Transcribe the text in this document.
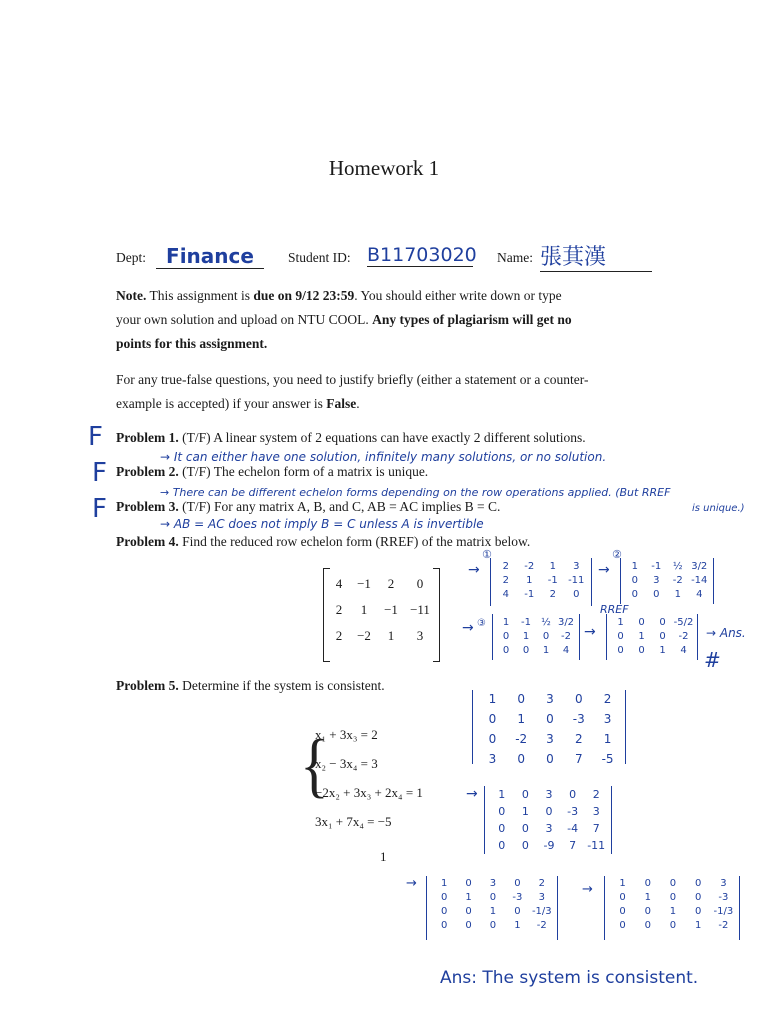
Homework 1
Dept:	Finance	Student ID: B11703020 Name: 張萁漢
Note. This assignment is due on 9/12 23:59. You should either write down or type
your own solution and upload on NTU COOL. Any types of plagiarism will get no
points for this assignment.
For any true-false questions, you need to justify briefly (either a statement or a counter-
example is accepted) if your answer is False.
F Problem 1. (T/F) A linear system of 2 equations can have exactly 2 different solutions.
→ It can either have one solution, infinitely many solutions, or no solution.
F Problem 2. (T/F) The echelon form of a matrix is unique.
→ There can be different echelon forms depending on the row operations applied. (But RREF
is unique.)
F Problem 3. (T/F) For any matrix A, B, and C, AB = AC implies B = C.
→ AB = AC does not imply B = C unless A is invertible
Problem 4. Find the reduced row echelon form (RREF) of the matrix below.
4	−1	2	0
2	1	−1 −11
2	−2	1	3
①
→	2	-2	1	3
2	1	-1	-11
4	-1	2	0
②
→	1	-1	½ 3/2
0	3	-2 -14
0	0	1	4
RREF
→ ③	1	-1	½ 3/2
0	1	0	-2
0	0	1	4
→
1	0	0 -5/2
0	1	0	-2
0	0	1	4
→ Ans.
#
Problem 5. Determine if the system is consistent.
{
x₁ + 3x₃ = 2
x₂ − 3x₄ = 3
−2x₂ + 3x₃ + 2x₄ = 1
3x₁ + 7x₄ = −5
1	0	3	0	2
0	1	0	-3	3
0	-2	3	2	1
3	0	0	7	-5
→	1	0	3	0	2
0	1	0	-3	3
0	0	3	-4	7
0	0	-9	7	-11
→	1	0	3	0	2
0	1	0	-3	3
0	0	1	0	-1/3
0	0	0	1	-2
→	1	0	0	0	3
0	1	0	0	-3
0	0	1	0	-1/3
0	0	0	1	-2
Ans: The system is consistent.
1
